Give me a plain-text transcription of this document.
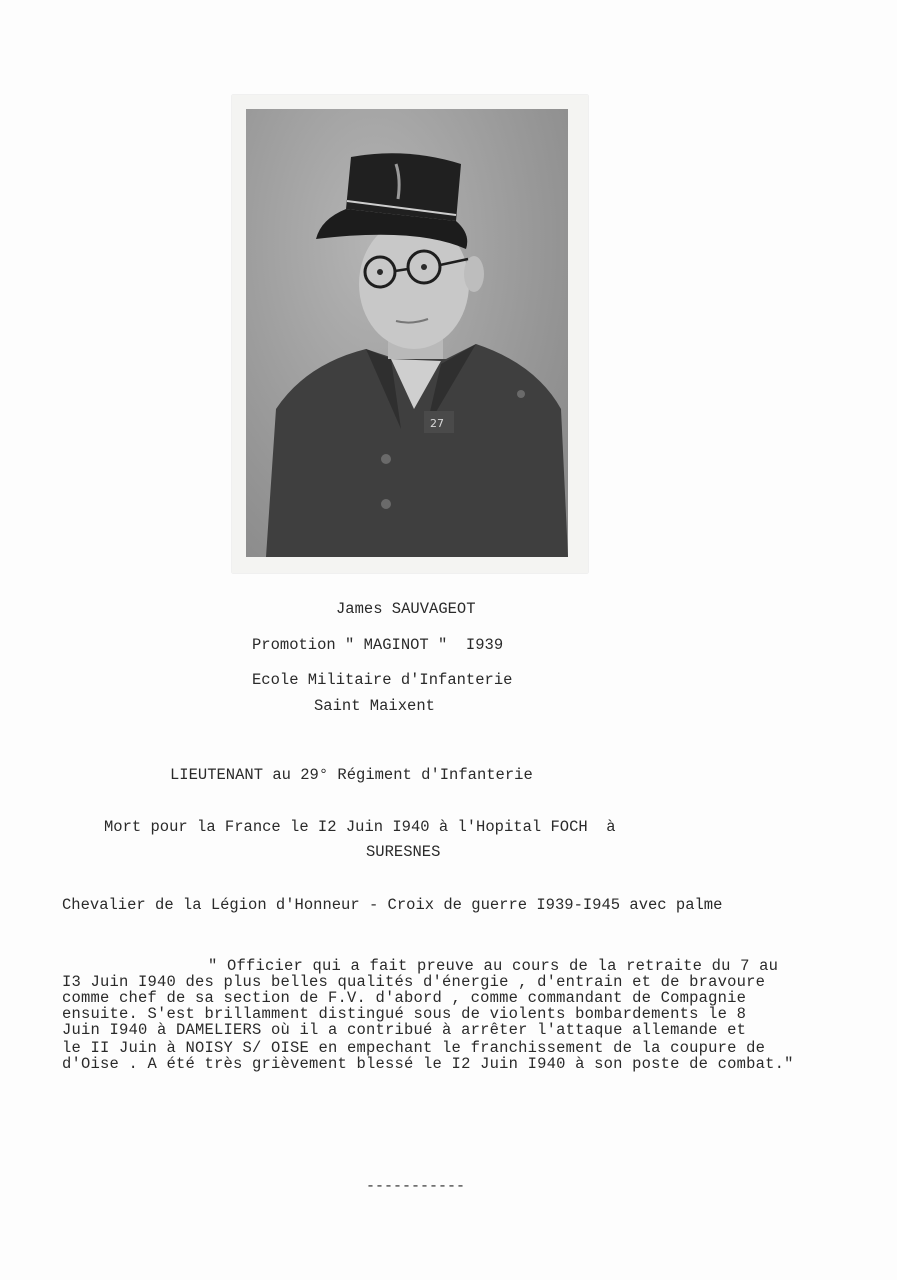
27
James SAUVAGEOT
Promotion " MAGINOT "  I939
Ecole Militaire d'Infanterie
Saint Maixent
LIEUTENANT au 29° Régiment d'Infanterie
Mort pour la France le I2 Juin I940 à l'Hopital FOCH  à
SURESNES
Chevalier de la Légion d'Honneur - Croix de guerre I939-I945 avec palme
" Officier qui a fait preuve au cours de la retraite du 7 au
I3 Juin I940 des plus belles qualités d'énergie , d'entrain et de bravoure
comme chef de sa section de F.V. d'abord , comme commandant de Compagnie
ensuite. S'est brillamment distingué sous de violents bombardements le 8
Juin I940 à DAMELIERS où il a contribué à arrêter l'attaque allemande et
le II Juin à NOISY S/ OISE en empechant le franchissement de la coupure de
d'Oise . A été très grièvement blessé le I2 Juin I940 à son poste de combat."
-----------
